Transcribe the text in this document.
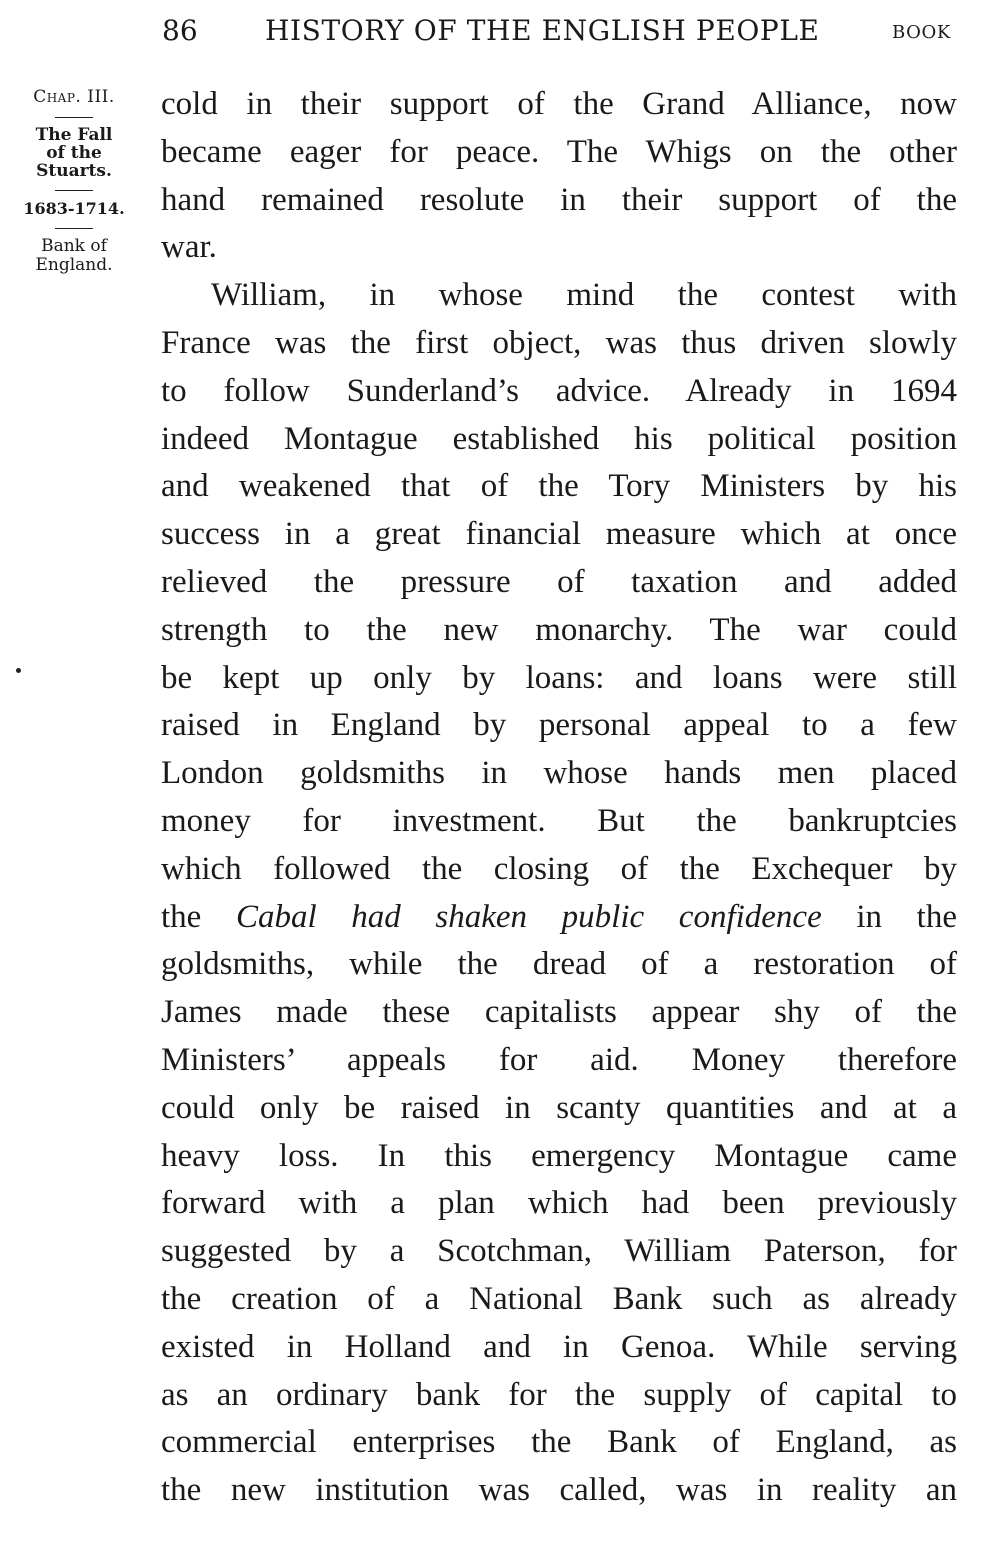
86 HISTORY OF THE ENGLISH PEOPLE	BOOK

Chap. III.

The Fall

of the

Stuarts.

1683-1714.

Bank of

England.

cold in their support of the Grand Alliance, now
became eager for peace. The Whigs on the other
hand remained resolute in their support of the
war.
William, in whose mind the contest with
France was the first object, was thus driven slowly
to follow Sunderland’s advice. Already in 1694
indeed Montague established his political position
and weakened that of the Tory Ministers by his
success in a great financial measure which at once
relieved the pressure of taxation and added
strength to the new monarchy. The war could
be kept up only by loans: and loans were still
raised in England by personal appeal to a few
London goldsmiths in whose hands men placed
money for investment. But the bankruptcies
which followed the closing of the Exchequer by
the Cabal had shaken public confidence in the
goldsmiths, while the dread of a restoration of
James made these capitalists appear shy of the
Ministers’ appeals for aid. Money therefore
could only be raised in scanty quantities and at a
heavy loss. In this emergency Montague came
forward with a plan which had been previously
suggested by a Scotchman, William Paterson, for
the creation of a National Bank such as already
existed in Holland and in Genoa. While serving
as an ordinary bank for the supply of capital to
commercial enterprises the Bank of England, as
the new institution was called, was in reality an
